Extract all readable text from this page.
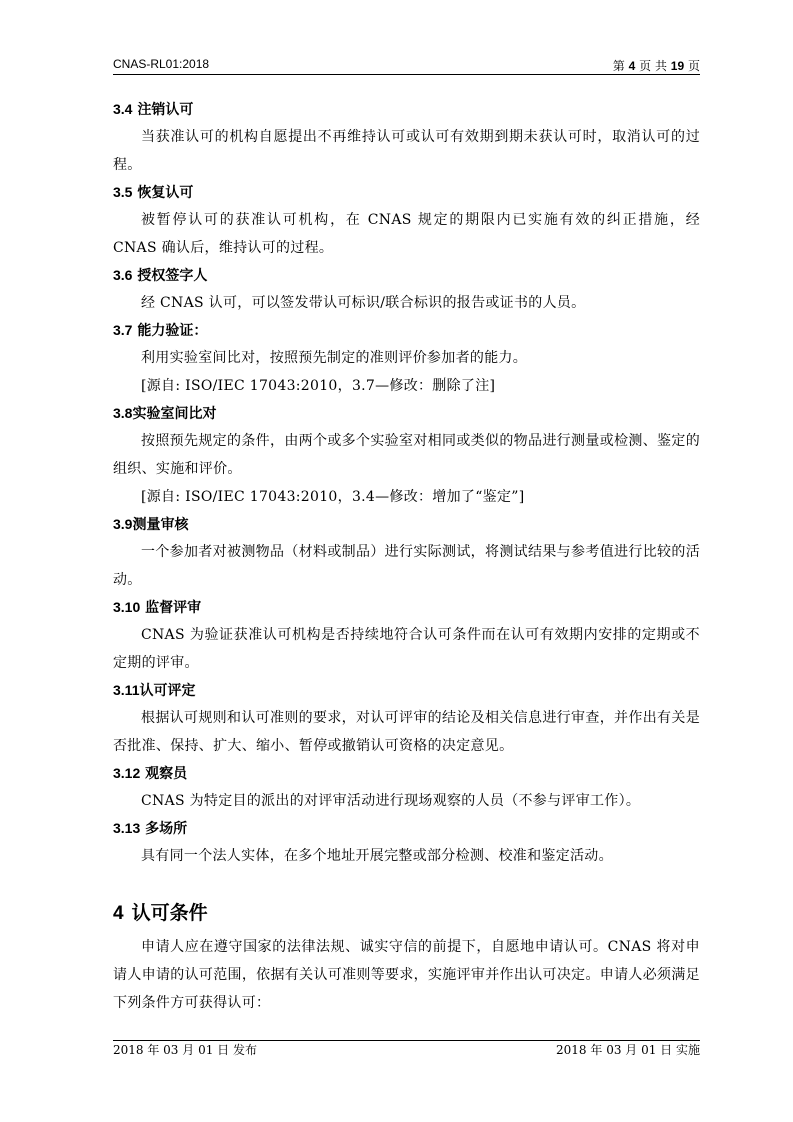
CNAS-RL01:2018	第 4 页 共 19 页
3.4 注销认可

当获准认可的机构自愿提出不再维持认可或认可有效期到期未获认可时，取消认可的过程。

3.5 恢复认可

被暂停认可的获准认可机构，在 CNAS 规定的期限内已实施有效的纠正措施，经 CNAS 确认后，维持认可的过程。

3.6 授权签字人

经 CNAS 认可，可以签发带认可标识/联合标识的报告或证书的人员。

3.7 能力验证：

利用实验室间比对，按照预先制定的准则评价参加者的能力。

[源自: ISO/IEC 17043:2010，3.7—修改：删除了注]

3.8实验室间比对

按照预先规定的条件，由两个或多个实验室对相同或类似的物品进行测量或检测、鉴定的组织、实施和评价。

[源自: ISO/IEC 17043:2010，3.4—修改：增加了“鉴定”]

3.9测量审核

一个参加者对被测物品（材料或制品）进行实际测试，将测试结果与参考值进行比较的活动。

3.10 监督评审

CNAS 为验证获准认可机构是否持续地符合认可条件而在认可有效期内安排的定期或不定期的评审。

3.11认可评定

根据认可规则和认可准则的要求，对认可评审的结论及相关信息进行审查，并作出有关是否批准、保持、扩大、缩小、暂停或撤销认可资格的决定意见。

3.12 观察员

CNAS 为特定目的派出的对评审活动进行现场观察的人员（不参与评审工作）。

3.13 多场所

具有同一个法人实体，在多个地址开展完整或部分检测、校准和鉴定活动。

4 认可条件

申请人应在遵守国家的法律法规、诚实守信的前提下，自愿地申请认可。CNAS 将对申请人申请的认可范围，依据有关认可准则等要求，实施评审并作出认可决定。申请人必须满足下列条件方可获得认可：

2018 年 03 月 01 日 发布	2018 年 03 月 01 日 实施
